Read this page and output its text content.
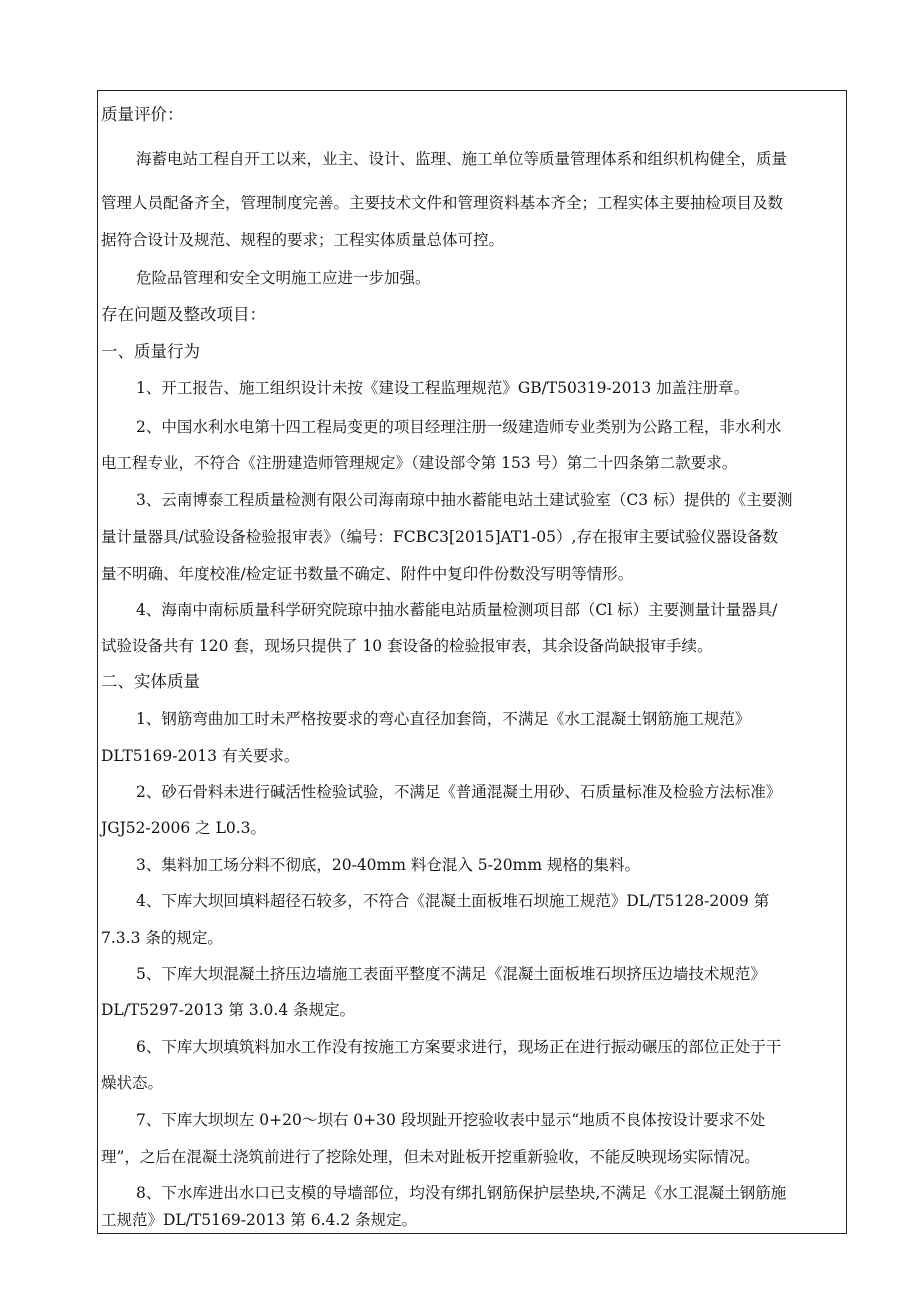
质量评价：
海蓄电站工程自开工以来，业主、设计、监理、施工单位等质量管理体系和组织机构健全，质量
管理人员配备齐全，管理制度完善。主要技术文件和管理资料基本齐全；工程实体主要抽检项目及数
据符合设计及规范、规程的要求；工程实体质量总体可控。
危险品管理和安全文明施工应进一步加强。
存在问题及整改项目：
一、质量行为
1、开工报告、施工组织设计未按《建设工程监理规范》GB/T50319-2013 加盖注册章。
2、中国水利水电第十四工程局变更的项目经理注册一级建造师专业类别为公路工程，非水利水
电工程专业，不符合《注册建造师管理规定》（建设部令第 153 号）第二十四条第二款要求。
3、云南博泰工程质量检测有限公司海南琼中抽水蓄能电站土建试验室（C3 标）提供的《主要测
量计量器具/试验设备检验报审表》（编号：FCBC3[2015]AT1-05）,存在报审主要试验仪器设备数
量不明确、年度校准/检定证书数量不确定、附件中复印件份数没写明等情形。
4、海南中南标质量科学研究院琼中抽水蓄能电站质量检测项目部（Cl 标）主要测量计量器具/
试验设备共有 120 套，现场只提供了 10 套设备的检验报审表，其余设备尚缺报审手续。
二、实体质量
1、钢筋弯曲加工时未严格按要求的弯心直径加套筒，不满足《水工混凝土钢筋施工规范》
DLT5169-2013 有关要求。
2、砂石骨料未进行碱活性检验试验，不满足《普通混凝土用砂、石质量标准及检验方法标准》
JGJ52-2006 之 L0.3。
3、集料加工场分料不彻底，20-40mm 料仓混入 5-20mm 规格的集料。
4、下库大坝回填料超径石较多，不符合《混凝土面板堆石坝施工规范》DL/T5128-2009 第
7.3.3 条的规定。
5、下库大坝混凝土挤压边墙施工表面平整度不满足《混凝土面板堆石坝挤压边墙技术规范》
DL/T5297-2013 第 3.0.4 条规定。
6、下库大坝填筑料加水工作没有按施工方案要求进行，现场正在进行振动碾压的部位正处于干
燥状态。
7、下库大坝坝左 0+20～坝右 0+30 段坝趾开挖验收表中显示“地质不良体按设计要求不处
理”，之后在混凝土浇筑前进行了挖除处理，但未对趾板开挖重新验收，不能反映现场实际情况。
8、下水库进出水口已支模的导墙部位，均没有绑扎钢筋保护层垫块,不满足《水工混凝土钢筋施
工规范》DL/T5169-2013 第 6.4.2 条规定。
